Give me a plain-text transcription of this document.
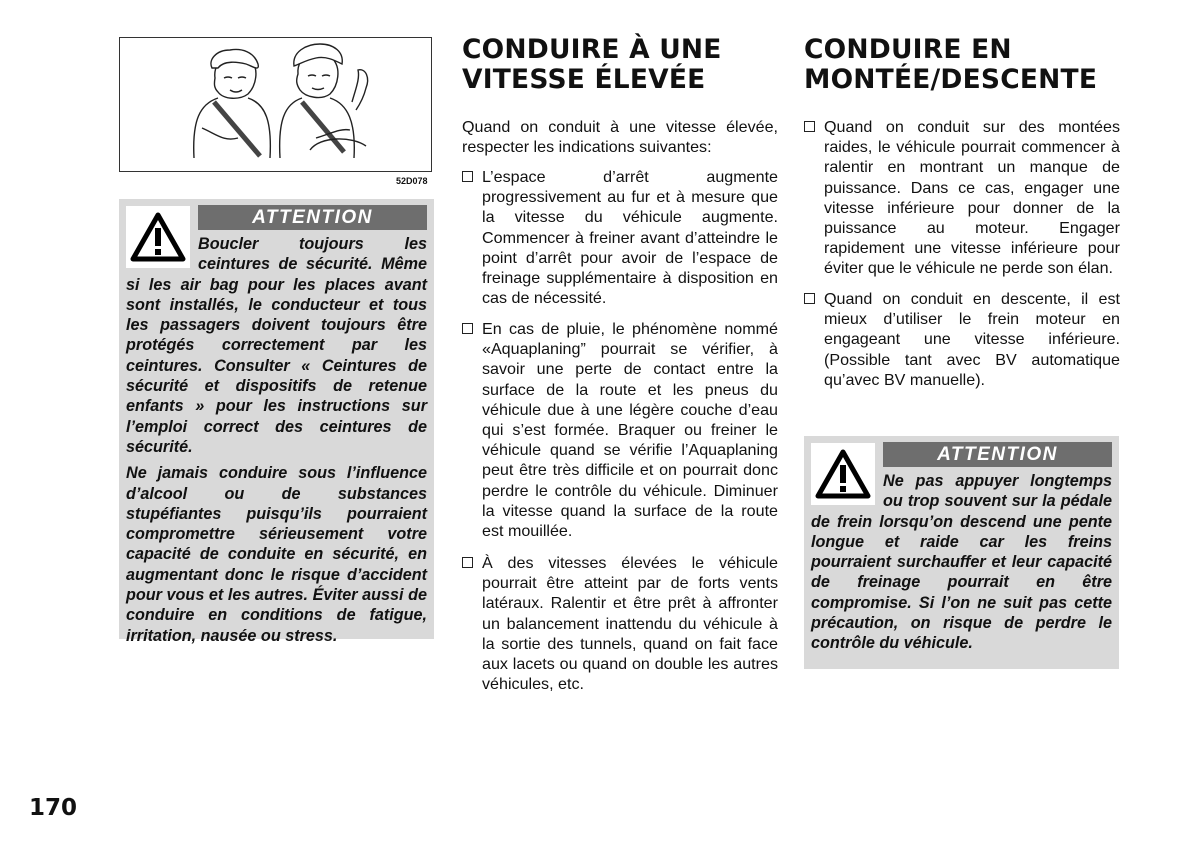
52D078
ATTENTION

Boucler toujours les ceintures de sécurité. Même si les air bag pour les places avant sont installés, le conducteur et tous les passagers doivent toujours être protégés correctement par les ceintures. Consulter « Ceintures de sécurité et dispositifs de retenue enfants » pour les instructions sur l’emploi correct des ceintures de sécurité.

Ne jamais conduire sous l’influence d’alcool ou de substances stupéfiantes puisqu’ils pourraient compromettre sérieusement votre capacité de conduite en sécurité, en augmentant donc le risque d’accident pour vous et les autres. Éviter aussi de conduire en conditions de fatigue, irritation, nausée ou stress.

CONDUIRE À UNE VITESSE ÉLEVÉE

Quand on conduit à une vitesse élevée, respecter les indications suivantes:

L’espace d’arrêt augmente progressivement au fur et à mesure que la vitesse du véhicule augmente. Commencer à freiner avant d’atteindre le point d’arrêt pour avoir de l’espace de freinage supplémentaire à disposition en cas de nécessité.

En cas de pluie, le phénomène nommé «Aquaplaning” pourrait se vérifier, à savoir une perte de contact entre la surface de la route et les pneus du véhicule due à une légère couche d’eau qui s’est formée. Braquer ou freiner le véhicule quand se vérifie l’Aquaplaning peut être très difficile et on pourrait donc perdre le contrôle du véhicule. Diminuer la vitesse quand la surface de la route est mouillée.

À des vitesses élevées le véhicule pourrait être atteint par de forts vents latéraux. Ralentir et être prêt à affronter un balancement inattendu du véhicule à la sortie des tunnels, quand on fait face aux lacets ou quand on double les autres véhicules, etc.

CONDUIRE EN MONTÉE/DESCENTE

Quand on conduit sur des montées raides, le véhicule pourrait commencer à ralentir en montrant un manque de puissance. Dans ce cas, engager une vitesse inférieure pour donner de la puissance au moteur. Engager rapidement une vitesse inférieure pour éviter que le véhicule ne perde son élan.

Quand on conduit en descente, il est mieux d’utiliser le frein moteur en engageant une vitesse inférieure. (Possible tant avec BV automatique qu’avec BV manuelle).

ATTENTION

Ne pas appuyer longtemps ou trop souvent sur la pédale de frein lorsqu’on descend une pente longue et raide car les freins pourraient surchauffer et leur capacité de freinage pourrait en être compromise. Si l’on ne suit pas cette précaution, on risque de perdre le contrôle du véhicule.

170
